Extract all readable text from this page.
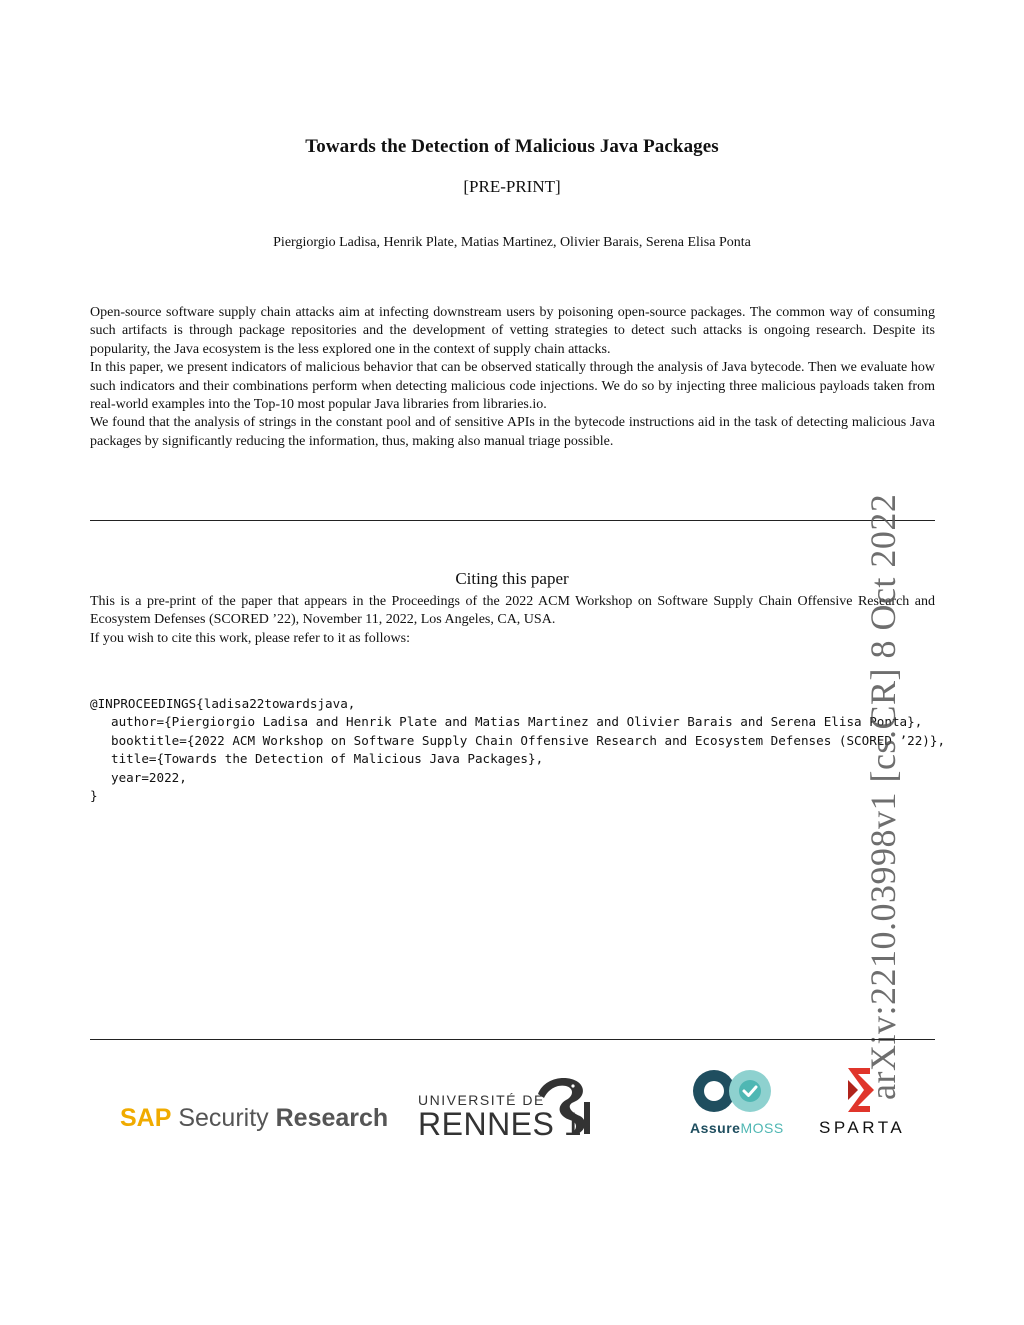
Towards the Detection of Malicious Java Packages
[PRE-PRINT]
Piergiorgio Ladisa, Henrik Plate, Matias Martinez, Olivier Barais, Serena Elisa Ponta

Open-source software supply chain attacks aim at infecting downstream users by poisoning open-source packages. The common way of consuming such artifacts is through package repositories and the development of vetting strategies to detect such attacks is ongoing research. Despite its popularity, the Java ecosystem is the less explored one in the context of supply chain attacks.

In this paper, we present indicators of malicious behavior that can be observed statically through the analysis of Java bytecode. Then we evaluate how such indicators and their combinations perform when detecting malicious code injections. We do so by injecting three malicious payloads taken from real-world examples into the Top-10 most popular Java libraries from libraries.io.

We found that the analysis of strings in the constant pool and of sensitive APIs in the bytecode instructions aid in the task of detecting malicious Java packages by significantly reducing the information, thus, making also manual triage possible.

Citing this paper

This is a pre-print of the paper that appears in the Proceedings of the 2022 ACM Workshop on Software Supply Chain Offensive Research and Ecosystem Defenses (SCORED ’22), November 11, 2022, Los Angeles, CA, USA.

If you wish to cite this work, please refer to it as follows:

@INPROCEEDINGS{ladisa22towardsjava,
author={Piergiorgio Ladisa and Henrik Plate and Matias Martinez and Olivier Barais and Serena Elisa Ponta},
booktitle={2022 ACM Workshop on Software Supply Chain Offensive Research and Ecosystem Defenses (SCORED ’22)},
title={Towards the Detection of Malicious Java Packages},
year=2022,
}	arXiv:2210.03998v1 [cs.CR] 8 Oct 2022
SAP Security Research
UNIVERSITÉ DE
RENNES 1	AssureMOSS SPARTA
